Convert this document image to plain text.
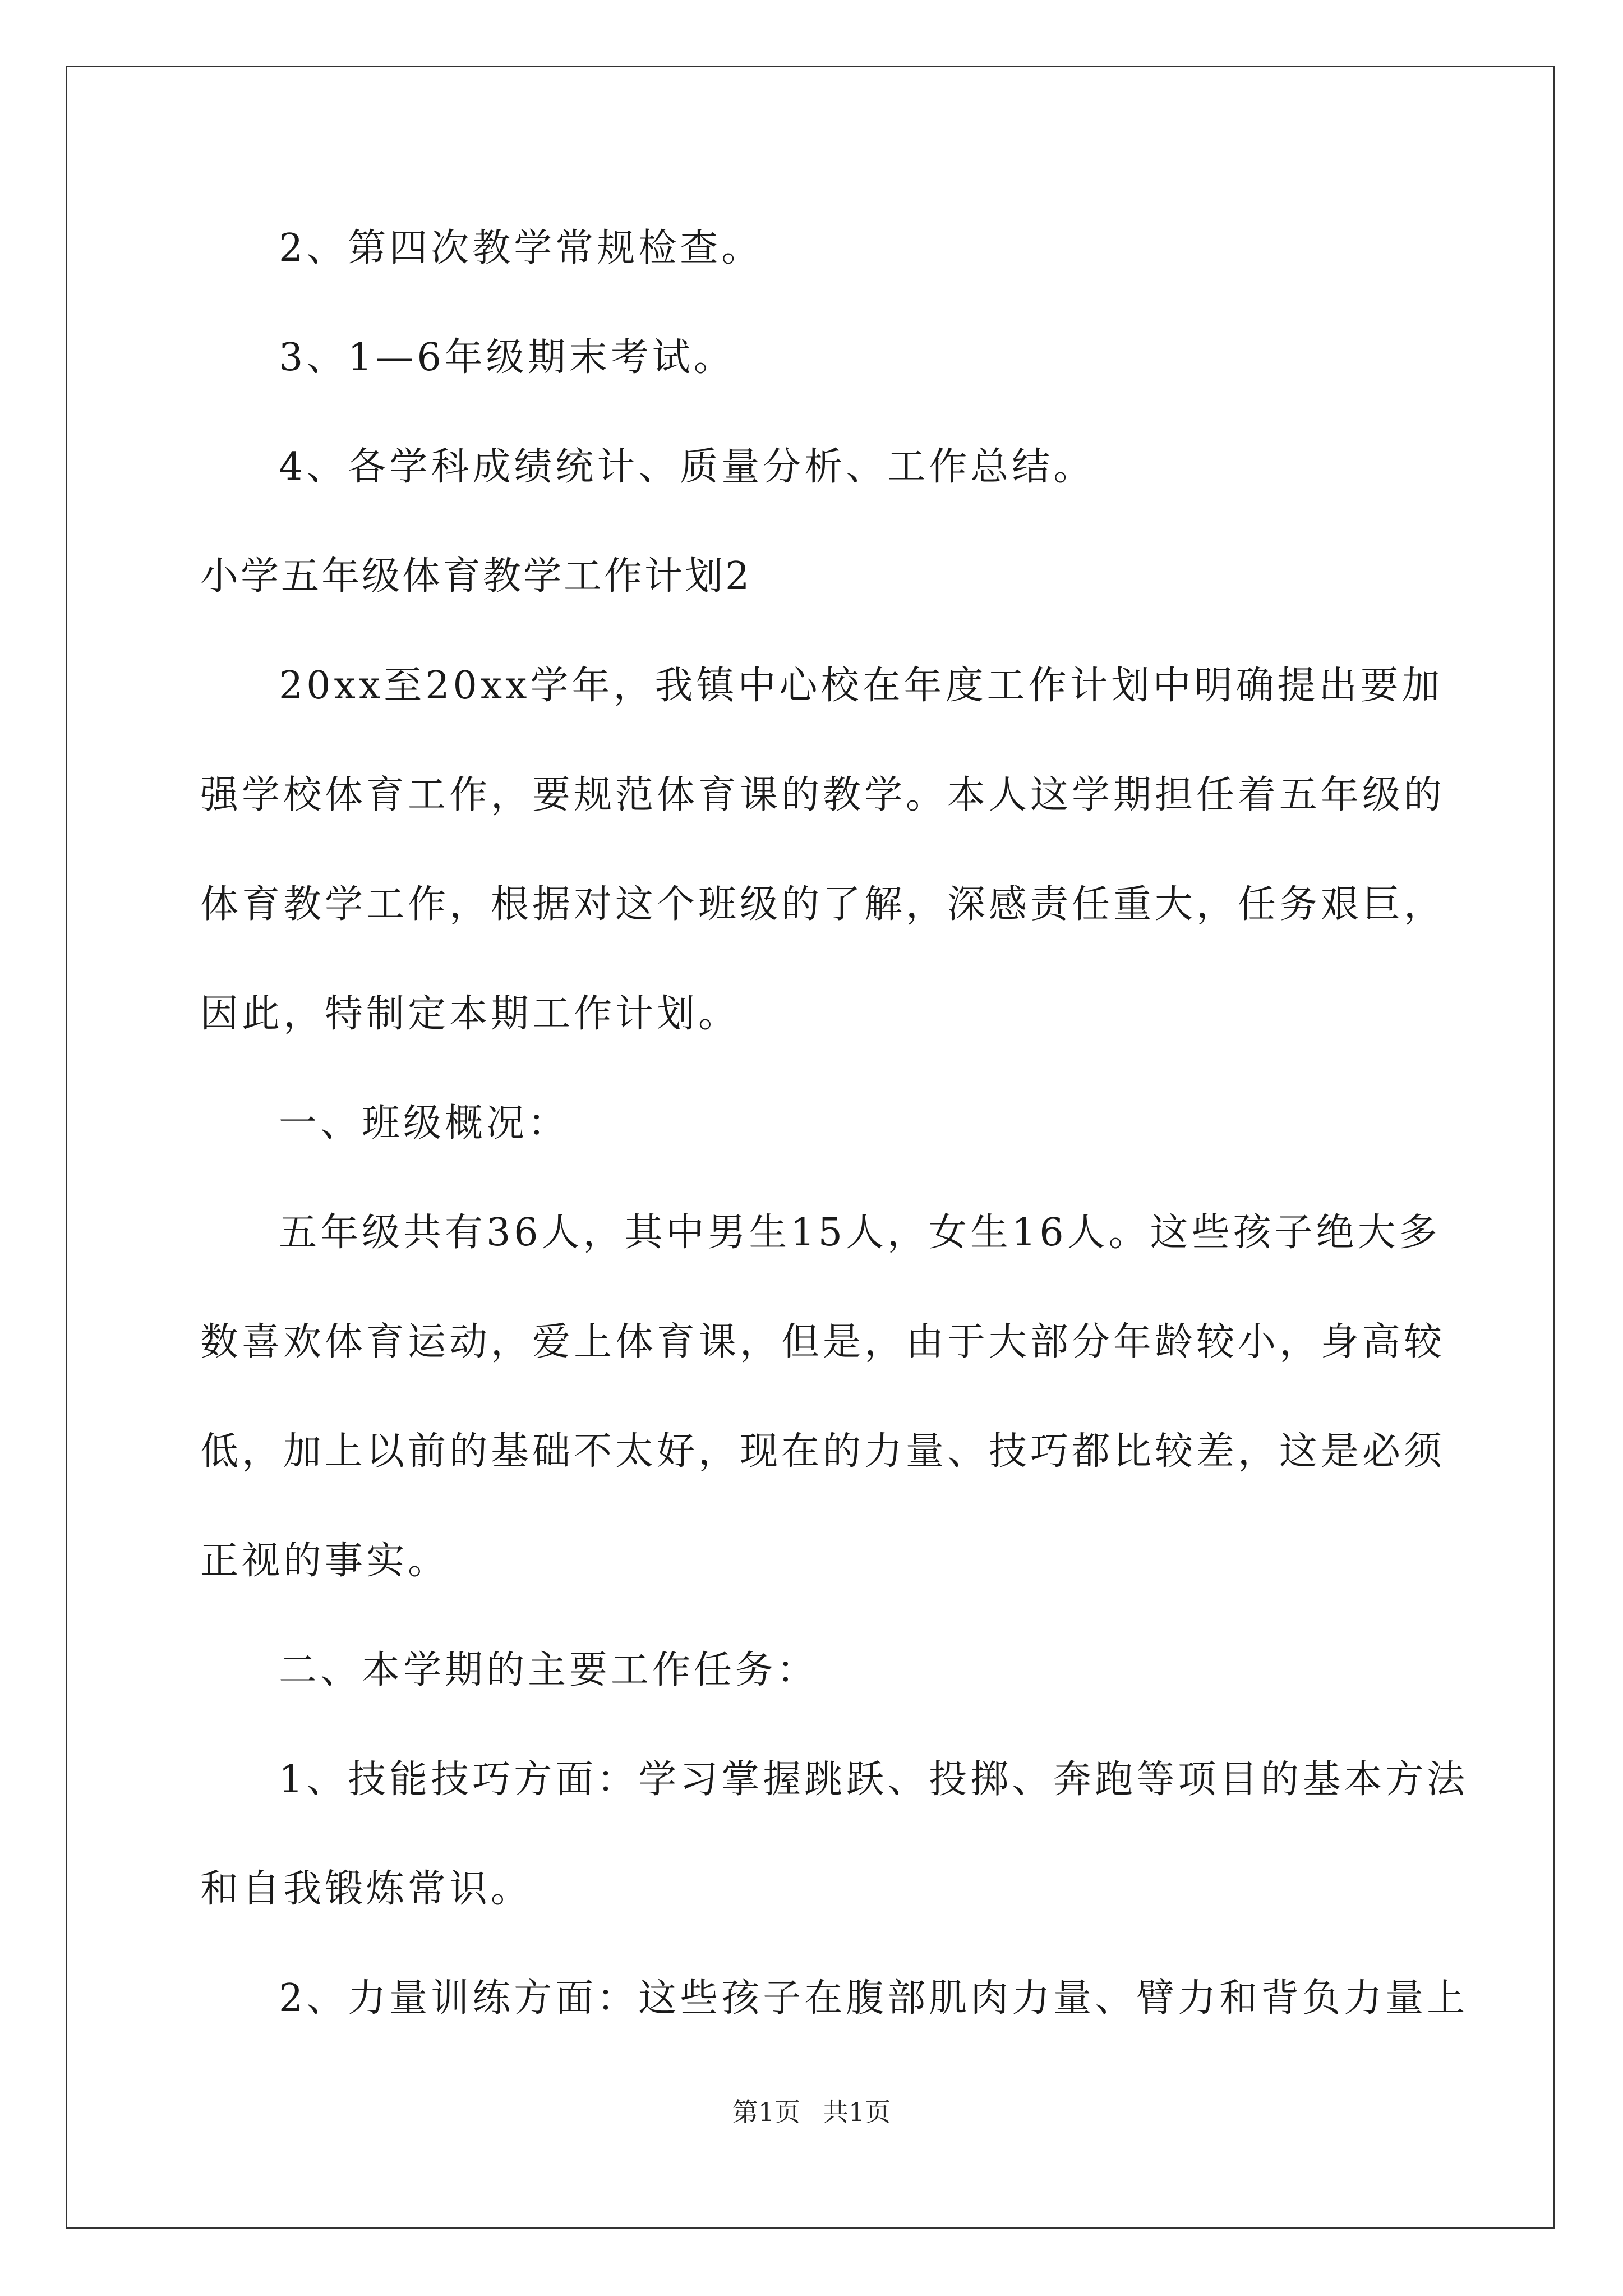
2、第四次教学常规检查。
3、1—6年级期末考试。
4、各学科成绩统计、质量分析、工作总结。
小学五年级体育教学工作计划2
20xx至20xx学年，我镇中心校在年度工作计划中明确提出要加
强学校体育工作，要规范体育课的教学。本人这学期担任着五年级的
体育教学工作，根据对这个班级的了解，深感责任重大，任务艰巨，
因此，特制定本期工作计划。
一、班级概况：
五年级共有36人，其中男生15人，女生16人。这些孩子绝大多
数喜欢体育运动，爱上体育课，但是，由于大部分年龄较小，身高较
低，加上以前的基础不太好，现在的力量、技巧都比较差，这是必须
正视的事实。
二、本学期的主要工作任务：
1、技能技巧方面：学习掌握跳跃、投掷、奔跑等项目的基本方法
和自我锻炼常识。
2、力量训练方面：这些孩子在腹部肌肉力量、臂力和背负力量上
第1页 共1页
